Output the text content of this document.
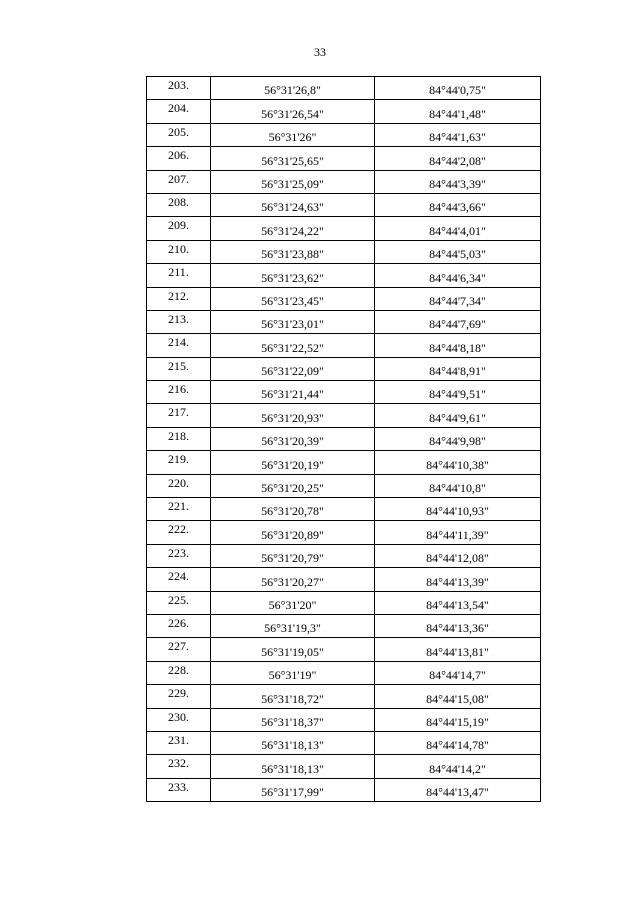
33
203.	56°31'26,8"	84°44'0,75"
204.	56°31'26,54"	84°44'1,48"
205.	56°31'26"	84°44'1,63"
206.	56°31'25,65"	84°44'2,08"
207.	56°31'25,09"	84°44'3,39"
208.	56°31'24,63"	84°44'3,66"
209.	56°31'24,22"	84°44'4,01"
210.	56°31'23,88"	84°44'5,03"
211.	56°31'23,62"	84°44'6,34"
212.	56°31'23,45"	84°44'7,34"
213.	56°31'23,01"	84°44'7,69"
214.	56°31'22,52"	84°44'8,18"
215.	56°31'22,09"	84°44'8,91"
216.	56°31'21,44"	84°44'9,51"
217.	56°31'20,93"	84°44'9,61"
218.	56°31'20,39"	84°44'9,98"
219.	56°31'20,19"	84°44'10,38"
220.	56°31'20,25"	84°44'10,8"
221.	56°31'20,78"	84°44'10,93"
222.	56°31'20,89"	84°44'11,39"
223.	56°31'20,79"	84°44'12,08"
224.	56°31'20,27"	84°44'13,39"
225.	56°31'20"	84°44'13,54"
226.	56°31'19,3"	84°44'13,36"
227.	56°31'19,05"	84°44'13,81"
228.	56°31'19"	84°44'14,7"
229.	56°31'18,72"	84°44'15,08"
230.	56°31'18,37"	84°44'15,19"
231.	56°31'18,13"	84°44'14,78"
232.	56°31'18,13"	84°44'14,2"
233.	56°31'17,99"	84°44'13,47"
